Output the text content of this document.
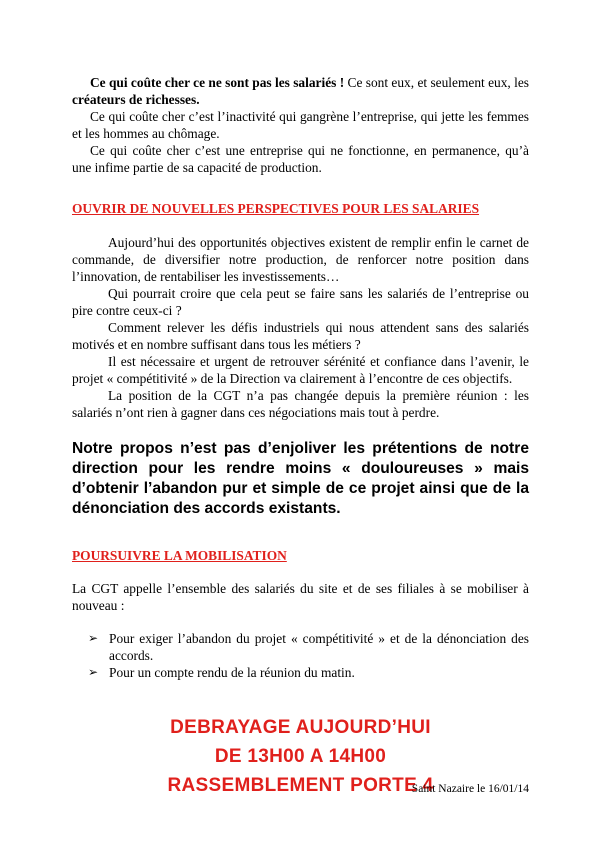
Ce qui coûte cher ce ne sont pas les salariés ! Ce sont eux, et seulement eux, les créateurs de richesses.

Ce qui coûte cher c’est l’inactivité qui gangrène l’entreprise, qui jette les femmes et les hommes au chômage.

Ce qui coûte cher c’est une entreprise qui ne fonctionne, en permanence, qu’à une infime partie de sa capacité de production.

OUVRIR DE NOUVELLES PERSPECTIVES POUR LES SALARIES

Aujourd’hui des opportunités objectives existent de remplir enfin le carnet de commande, de diversifier notre production, de renforcer notre position dans l’innovation, de rentabiliser les investissements…

Qui pourrait croire que cela peut se faire sans les salariés de l’entreprise ou pire contre ceux-ci ?

Comment relever les défis industriels qui nous attendent sans des salariés motivés et en nombre suffisant dans tous les métiers ?

Il est nécessaire et urgent de retrouver sérénité et confiance dans l’avenir, le projet « compétitivité » de la Direction va clairement à l’encontre de ces objectifs.

La position de la CGT n’a pas changée depuis la première réunion : les salariés n’ont rien à gagner dans ces négociations mais tout à perdre.

Notre propos n’est pas d’enjoliver les prétentions de notre direction pour les rendre moins « douloureuses » mais d’obtenir l’abandon pur et simple de ce projet ainsi que de la dénonciation des accords existants.

POURSUIVRE LA MOBILISATION

La CGT appelle l’ensemble des salariés du site et de ses filiales à se mobiliser à nouveau :

➢ Pour exiger l’abandon du projet « compétitivité » et de la dénonciation des accords.
➢ Pour un compte rendu de la réunion du matin.
DEBRAYAGE AUJOURD’HUI
DE 13H00 A 14H00
RASSEMBLEMENT PORTE 4
Saint Nazaire le 16/01/14
